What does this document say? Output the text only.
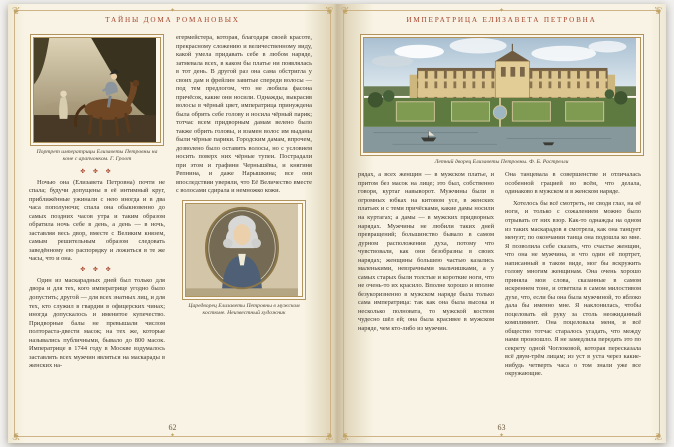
❦	❦
❦	❦
✦
✦
ТАЙНЫ ДОМА РОМАНОВЫХ
Портрет императрицы Елизаветы Петровны на коне с арапчонком. Г. Гроот
✤ ✤ ✤

Ночью она (Елизавета Петровна) почти не спала; будучи допущены в её интимный круг, приближённые ужинали с нею иногда и в два часа пополуночи; спала она обыкновенно до самых поздних часов утра и таким образом обратила ночь себе в день, а день — в ночь, заставляя весь двор, вместе с Великим князем, самым решительным образом следовать заведённому ею распорядку и ложиться в те же часы, что и она.

✤ ✤ ✤

Один из маскарадных дней был только для двора и для тех, кого императрице угодно было допустить; другой — для всех знатных лиц, и для тех, кто служил в гвардии в офицерских чинах; иногда допускалось и именитое купечество. Придворные балы не превышали числом полтораста-двести масок; на тех же, которые назывались публичными, бывало до 800 масок. Императрице в 1744 году в Москве вздумалось заставлять всех мужчин являться на маскарады в женских на-

егермейстера, которая, благодаря своей красоте, прекрасному сложению и величественному виду, какой умела придавать себе в любом наряде, затмевала всех, в каком бы платье ни появлялась в тот день. В другой раз она сама обстригла у своих дам и фрейлин завитые спереди волосы — под тем предлогом, что не любила фасона причёсок, какие они носили. Однажды, выкрасив волосы в чёрный цвет, императрица принуждена была обрить себе голову и носила чёрный парик; тотчас всем придворным дамам велено было также обрить головы, и взамен волос им выданы были чёрные парики. Городским дамам, впрочем, дозволено было оставить волосы, но с условием носить поверх них чёрные тупеи. Пострадали при этом и графини Чернышёвы, и княгиня Репнина, и даже Нарышкина; все они впоследствии уверяли, что Её Величество вместе с волосами сдирала и немножко кожи.

Царедворец Елизаветы Петровны в мужском костюме. Неизвестный художник
62
❦	❦
❦	❦
✦
✦
ИМПЕРАТРИЦА ЕЛИЗАВЕТА ПЕТРОВНА
Летний дворец Елизаветы Петровны. Ф. Б. Растрелли

рядах, а всех женщин — в мужском платье, и притом без масок на лице; это был, собственно говоря, куртаг навыворот. Мужчины были в огромных юбках на китовом усе, в женских платьях и с теми причёсками, какие дамы носили на куртагах; а дамы — в мужских придворных нарядах. Мужчины не любили таких дней превращений; большинство бывало в самом дурном расположении духа, потому что чувствовали, как они безобразны в своих нарядах; женщины большею частью казались маленькими, невзрачными мальчишками, а у самых старых были толстые и короткие ноги, что не очень-то их красило. Вполне хорошо и вполне безукоризненно в мужском наряде была только сама императрица: так как она была высока и несколько полновата, то мужской костюм чудесно шёл ей; она была красивее в мужском наряде, чем кто-либо из мужчин.

Она танцевала в совершенстве и отличалась особенной грацией во всём, что делала, одинаково в мужском и в женском наряде.

Хотелось бы всё смотреть, не сводя глаз, на её ноги, и только с сожалением можно было отрывать от них взор. Как-то однажды на одном из таких маскарадов я смотрела, как она танцует менуэт; по окончании танца она подошла ко мне. Я позволила себе сказать, что счастье женщин, что она не мужчина, и что один её портрет, написанный в таком виде, мог бы вскружить голову многим женщинам. Она очень хорошо приняла мои слова, сказанные в самом искреннем тоне, и ответила в самом милостивом духе, что, если бы она была мужчиной, то яблоко дала бы именно мне. Я наклонилась, чтобы поцеловать ей руку за столь неожиданный комплимент. Она поцеловала меня, и всё общество тотчас старалось угадать, что между нами произошло. Я не замедлила передать это по секрету одной Чоглоковой, которая пересказала всё двум-трём лицам; из уст в уста через какие-нибудь четверть часа о том знали уже все окружающие.

63
